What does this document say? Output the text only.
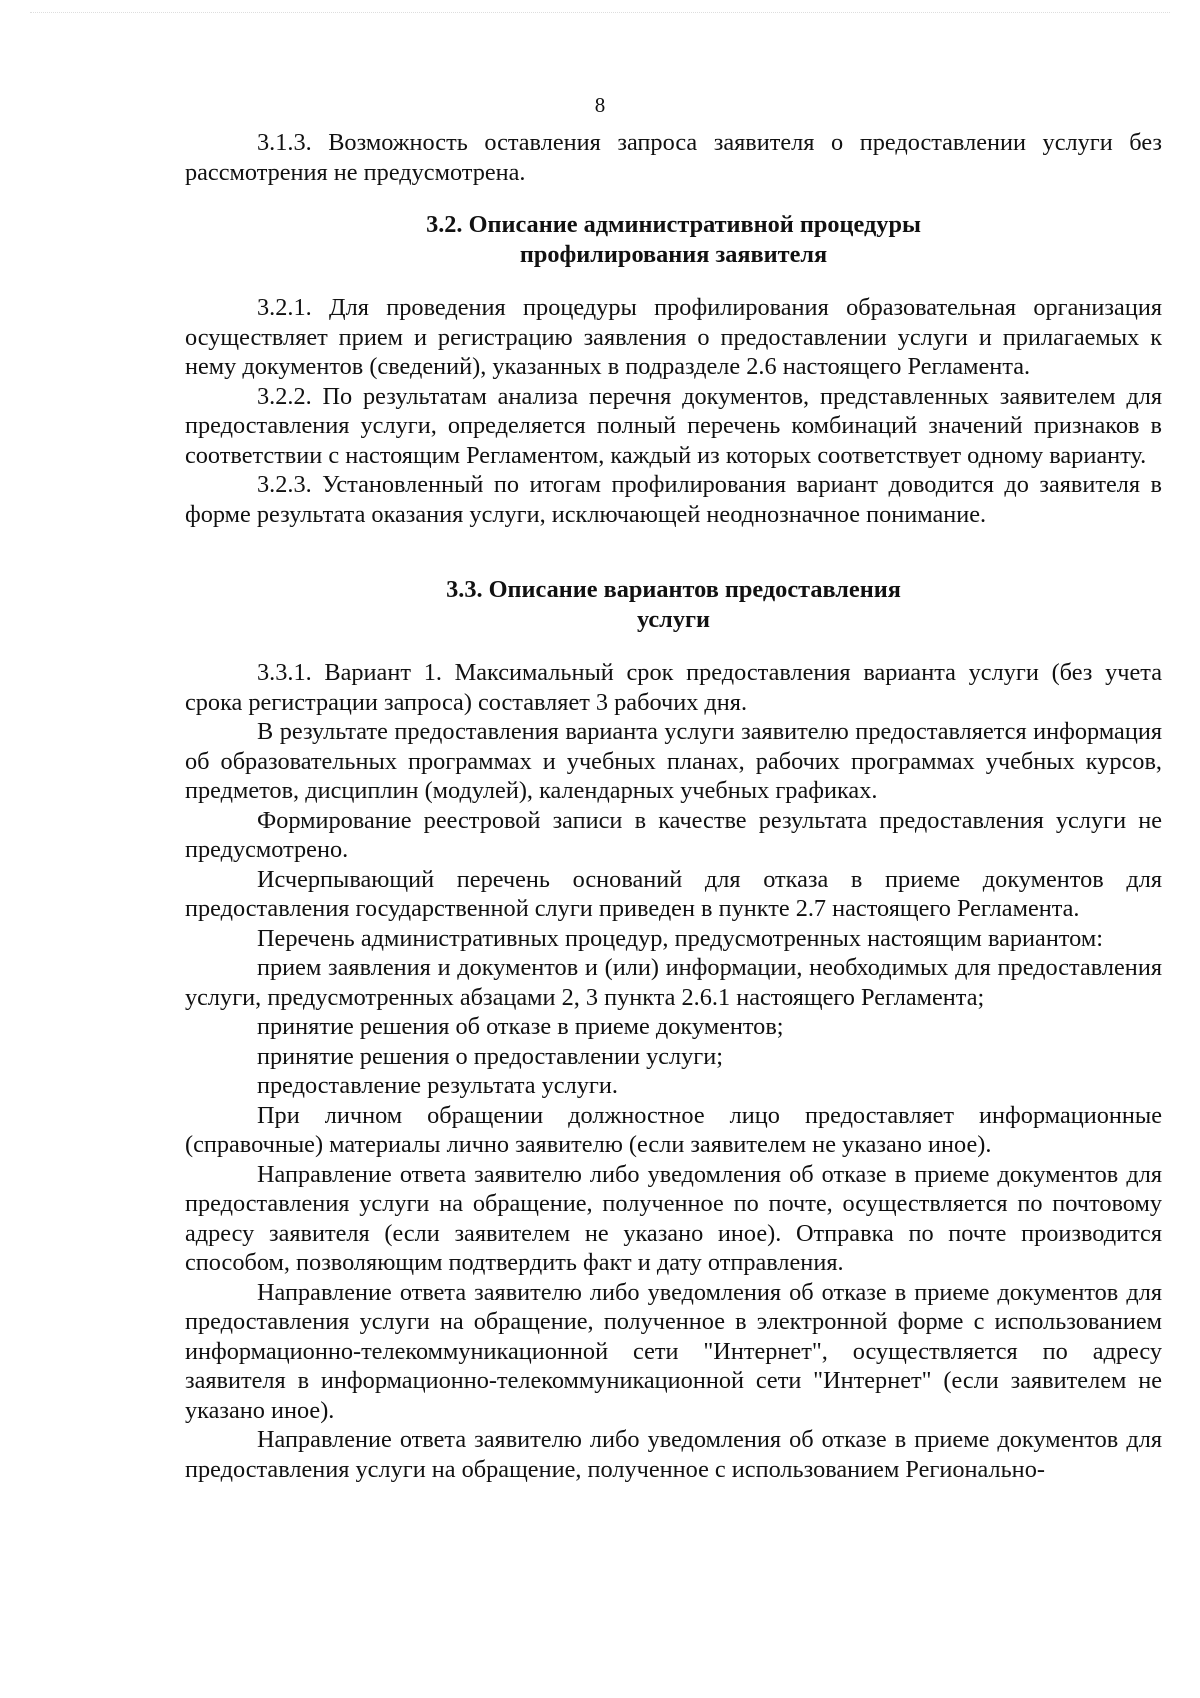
8

3.1.3. Возможность оставления запроса заявителя о предоставлении услуги без рассмотрения не предусмотрена.

3.2. Описание административной процедуры
профилирования заявителя

3.2.1. Для проведения процедуры профилирования образовательная организация осуществляет прием и регистрацию заявления о предоставлении услуги и прилагаемых к нему документов (сведений), указанных в подразделе 2.6 настоящего Регламента.

3.2.2. По результатам анализа перечня документов, представленных заявителем для предоставления услуги, определяется полный перечень комбинаций значений признаков в соответствии с настоящим Регламентом, каждый из которых соответствует одному варианту.

3.2.3. Установленный по итогам профилирования вариант доводится до заявителя в форме результата оказания услуги, исключающей неоднозначное понимание.

3.3. Описание вариантов предоставления
услуги

3.3.1. Вариант 1. Максимальный срок предоставления варианта услуги (без учета срока регистрации запроса) составляет 3 рабочих дня.

В результате предоставления варианта услуги заявителю предоставляется информация об образовательных программах и учебных планах, рабочих программах учебных курсов, предметов, дисциплин (модулей), календарных учебных графиках.

Формирование реестровой записи в качестве результата предоставления услуги не предусмотрено.

Исчерпывающий перечень оснований для отказа в приеме документов для предоставления государственной слуги приведен в пункте 2.7 настоящего Регламента.

Перечень административных процедур, предусмотренных настоящим вариантом:

прием заявления и документов и (или) информации, необходимых для предоставления услуги, предусмотренных абзацами 2, 3 пункта 2.6.1 настоящего Регламента;

принятие решения об отказе в приеме документов;

принятие решения о предоставлении услуги;

предоставление результата услуги.

При личном обращении должностное лицо предоставляет информационные (справочные) материалы лично заявителю (если заявителем не указано иное).

Направление ответа заявителю либо уведомления об отказе в приеме документов для предоставления услуги на обращение, полученное по почте, осуществляется по почтовому адресу заявителя (если заявителем не указано иное). Отправка по почте производится способом, позволяющим подтвердить факт и дату отправления.

Направление ответа заявителю либо уведомления об отказе в приеме документов для предоставления услуги на обращение, полученное в электронной форме с использованием информационно-телекоммуникационной сети "Интернет", осуществляется по адресу заявителя в информационно-телекоммуникационной сети "Интернет" (если заявителем не указано иное).

Направление ответа заявителю либо уведомления об отказе в приеме документов для предоставления услуги на обращение, полученное с использованием Регионально-
